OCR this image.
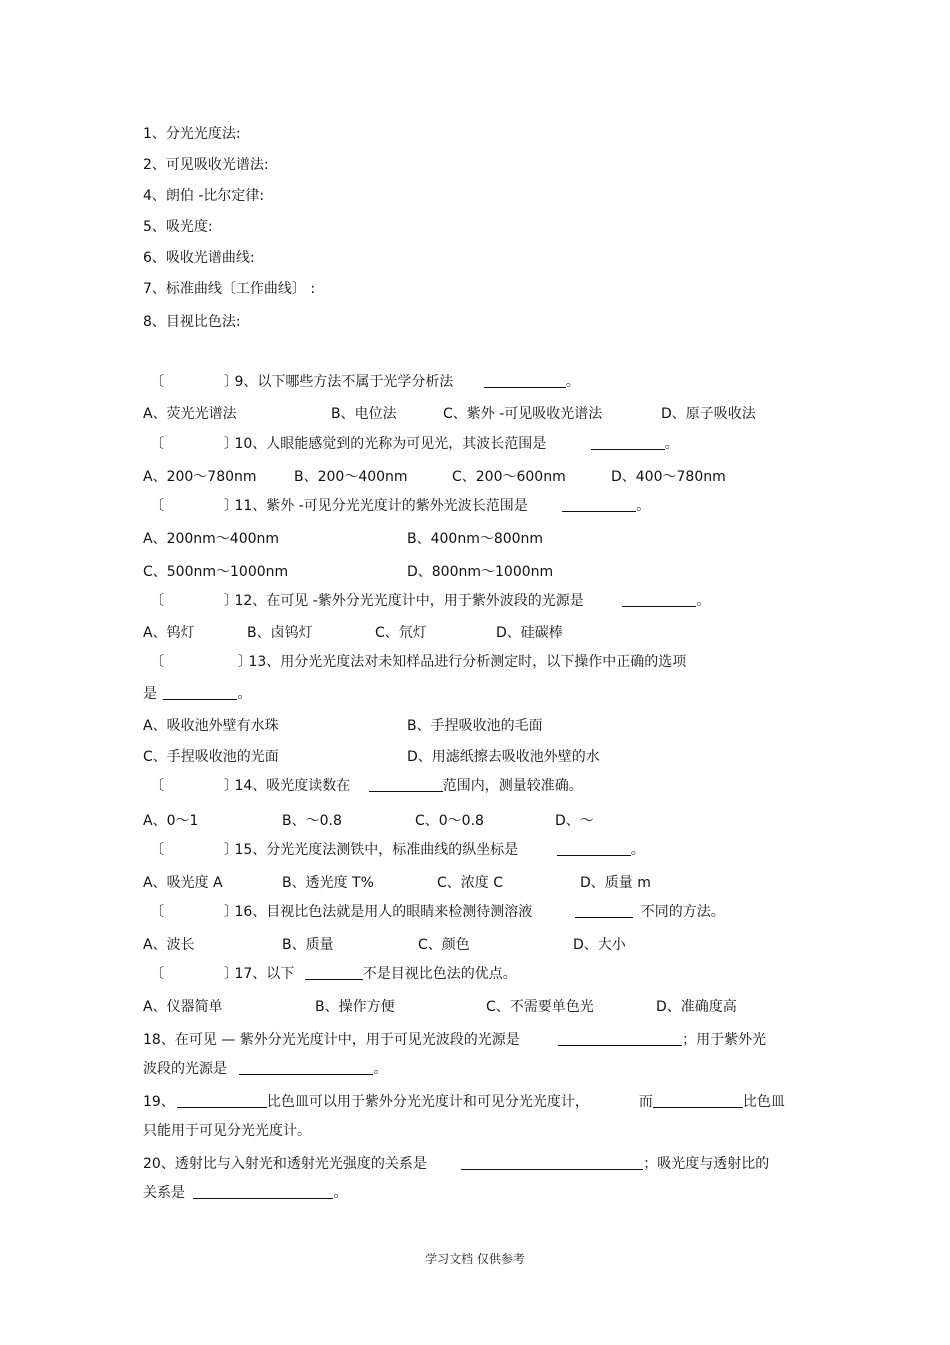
1、分光光度法:
2、可见吸收光谱法:
4、朗伯 -比尔定律:
5、吸光度:
6、吸收光谱曲线:
7、标准曲线〔工作曲线〕 :
8、目视比色法:
〔	〕 9、以下哪些方法不属于光学分析法	。
A、荧光光谱法	B、电位法	C、紫外 -可见吸收光谱法	D、原子吸收法
〔	〕 10、人眼能感觉到的光称为可见光，其波长范围是	。
A、200～780nm	B、200～400nm	C、200～600nm	D、400～780nm
〔	〕 11、紫外 -可见分光光度计的紫外光波长范围是	。
A、200nm～400nm	B、400nm～800nm
C、500nm～1000nm	D、800nm～1000nm
〔	〕 12、在可见 -紫外分光光度计中，用于紫外波段的光源是	。
A、钨灯	B、卤钨灯	C、氘灯	D、硅碳棒
〔	〕 13、用分光光度法对未知样品进行分析测定时，以下操作中正确的选项
是	。
A、吸收池外壁有水珠	B、手捏吸收池的毛面
C、手捏吸收池的光面	D、用滤纸擦去吸收池外壁的水
〔	〕 14、吸光度读数在	范围内，测量较准确。
A、0～1	B、～0.8	C、0～0.8	D、～
〔	〕 15、分光光度法测铁中，标准曲线的纵坐标是	。
A、吸光度 A	B、透光度 T%	C、浓度 C	D、质量 m
〔	〕 16、目视比色法就是用人的眼睛来检测待测溶液	不同的方法。
A、波长	B、质量	C、颜色	D、大小
〔	〕 17、以下	不是目视比色法的优点。
A、仪器简单	B、操作方便	C、不需要单色光	D、准确度高
18、在可见 — 紫外分光光度计中，用于可见光波段的光源是	；用于紫外光
波段的光源是	。
19、	比色皿可以用于紫外分光光度计和可见分光光度计，	而	比色皿
只能用于可见分光光度计。
20、透射比与入射光和透射光光强度的关系是	；吸光度与透射比的
关系是	。
学习文档 仅供参考
